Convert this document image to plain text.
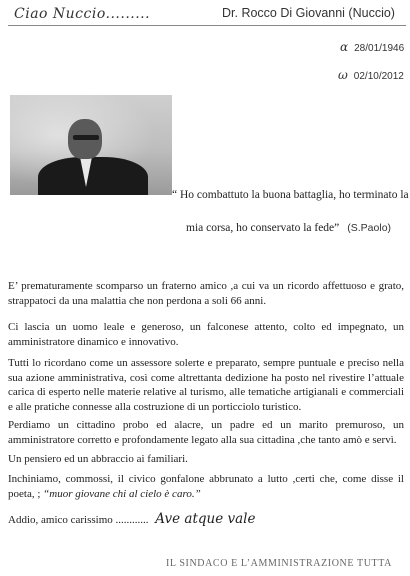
Ciao Nuccio.........	Dr. Rocco Di Giovanni (Nuccio)
α 28/01/1946
ω 02/10/2012
“ Ho combattuto la buona battaglia, ho terminato la
mia corsa, ho conservato la fede” (S.Paolo)
E’ prematuramente scomparso un fraterno amico ,a cui va un ricordo affettuoso e grato, strappatoci da una malattia che non perdona a soli 66 anni.
Ci lascia un uomo leale e generoso, un falconese attento, colto ed impegnato, un amministratore dinamico e innovativo.
Tutti lo ricordano come un assessore solerte e preparato, sempre puntuale e preciso nella sua azione amministrativa, così come altrettanta dedizione ha posto nel rivestire l’attuale carica di esperto nelle materie relative al turismo, alle tematiche artigianali e commerciali e alle pratiche connesse alla costruzione di un porticciolo turistico.
Perdiamo un cittadino probo ed alacre, un padre ed un marito premuroso, un amministratore corretto e profondamente legato alla sua cittadina ,che tanto amò e servì.
Un pensiero ed un abbraccio ai familiari.
Inchiniamo, commossi, il civico gonfalone abbrunato a lutto ,certi che, come disse il poeta, ; “muor giovane chi al cielo è caro.”
Addio, amico carissimo ............ Ave atque vale
IL SINDACO E L’AMMINISTRAZIONE TUTTA
